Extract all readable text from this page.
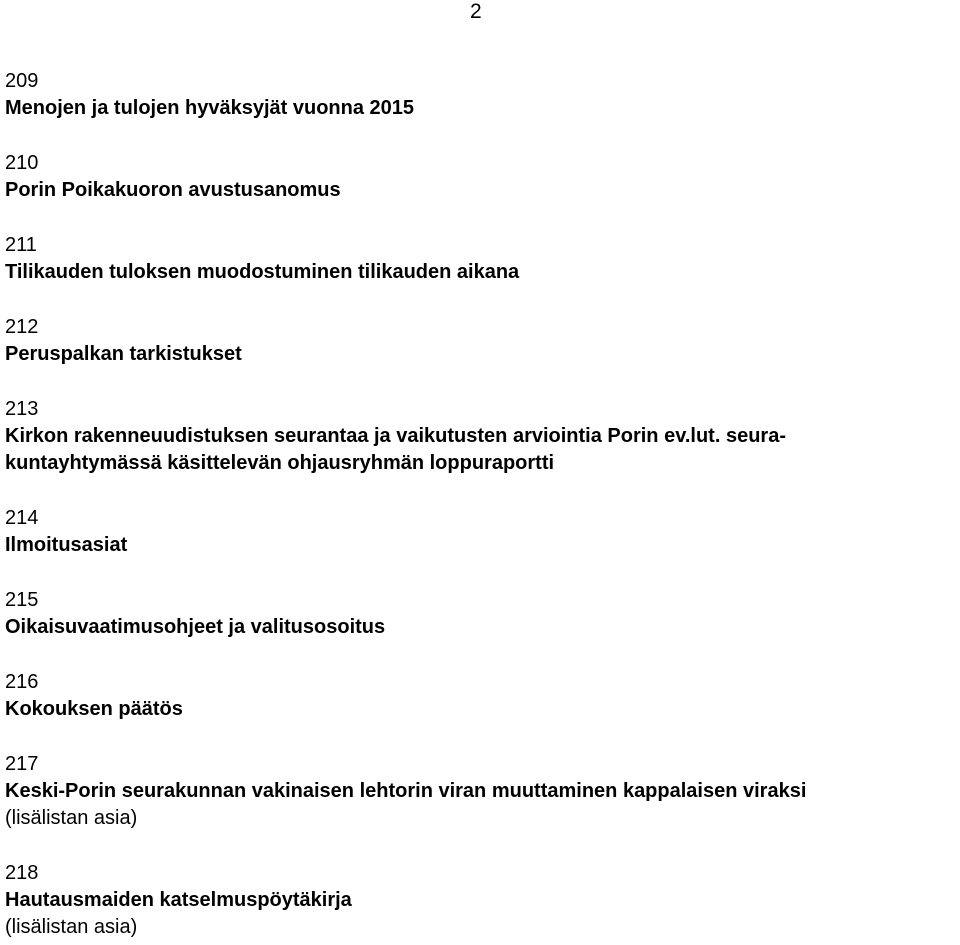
2
209
Menojen ja tulojen hyväksyjät vuonna 2015
210
Porin Poikakuoron avustusanomus
211
Tilikauden tuloksen muodostuminen tilikauden aikana
212
Peruspalkan tarkistukset
213
Kirkon rakenneuudistuksen seurantaa ja vaikutusten arviointia Porin ev.lut. seura-
kuntayhtymässä käsittelevän ohjausryhmän loppuraportti
214
Ilmoitusasiat
215
Oikaisuvaatimusohjeet ja valitusosoitus
216
Kokouksen päätös
217
Keski-Porin seurakunnan vakinaisen lehtorin viran muuttaminen kappalaisen viraksi
(lisälistan asia)
218
Hautausmaiden katselmuspöytäkirja
(lisälistan asia)
